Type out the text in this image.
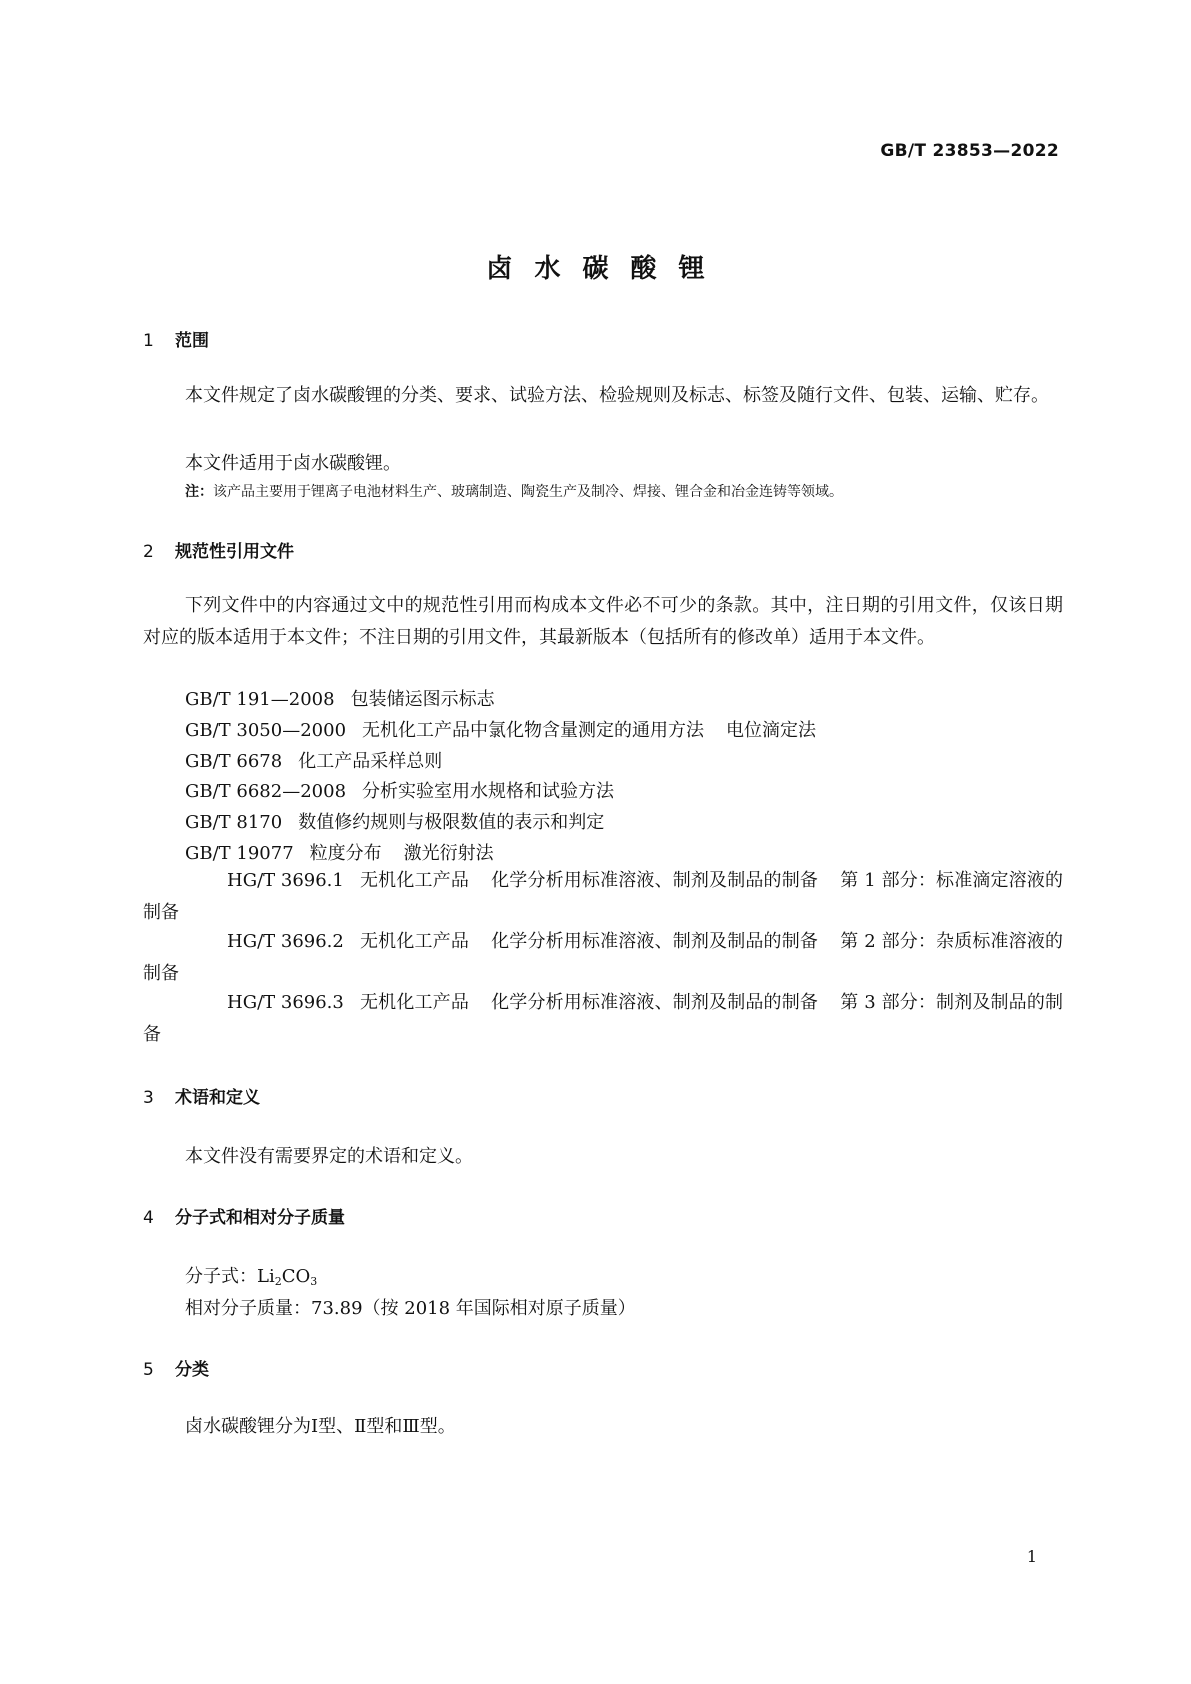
GB/T 23853—2022
卤水碳酸锂
1 范围
本文件规定了卤水碳酸锂的分类、要求、试验方法、检验规则及标志、标签及随行文件、包装、运输、贮存。
本文件适用于卤水碳酸锂。
注：该产品主要用于锂离子电池材料生产、玻璃制造、陶瓷生产及制冷、焊接、锂合金和冶金连铸等领域。
2 规范性引用文件
下列文件中的内容通过文中的规范性引用而构成本文件必不可少的条款。其中，注日期的引用文件，仅该日期对应的版本适用于本文件；不注日期的引用文件，其最新版本（包括所有的修改单）适用于本文件。
GB/T 191—2008 包装储运图示标志
GB/T 3050—2000 无机化工产品中氯化物含量测定的通用方法 电位滴定法
GB/T 6678 化工产品采样总则
GB/T 6682—2008 分析实验室用水规格和试验方法
GB/T 8170 数值修约规则与极限数值的表示和判定
GB/T 19077 粒度分布 激光衍射法
HG/T 3696.1 无机化工产品 化学分析用标准溶液、制剂及制品的制备 第 1 部分：标准滴定溶液的制备
HG/T 3696.2 无机化工产品 化学分析用标准溶液、制剂及制品的制备 第 2 部分：杂质标准溶液的制备
HG/T 3696.3 无机化工产品 化学分析用标准溶液、制剂及制品的制备 第 3 部分：制剂及制品的制备
3 术语和定义
本文件没有需要界定的术语和定义。
4 分子式和相对分子质量
分子式：$Li_2CO_3$
相对分子质量：73.89（按 2018 年国际相对原子质量）
5 分类
卤水碳酸锂分为Ⅰ型、Ⅱ型和Ⅲ型。
1
